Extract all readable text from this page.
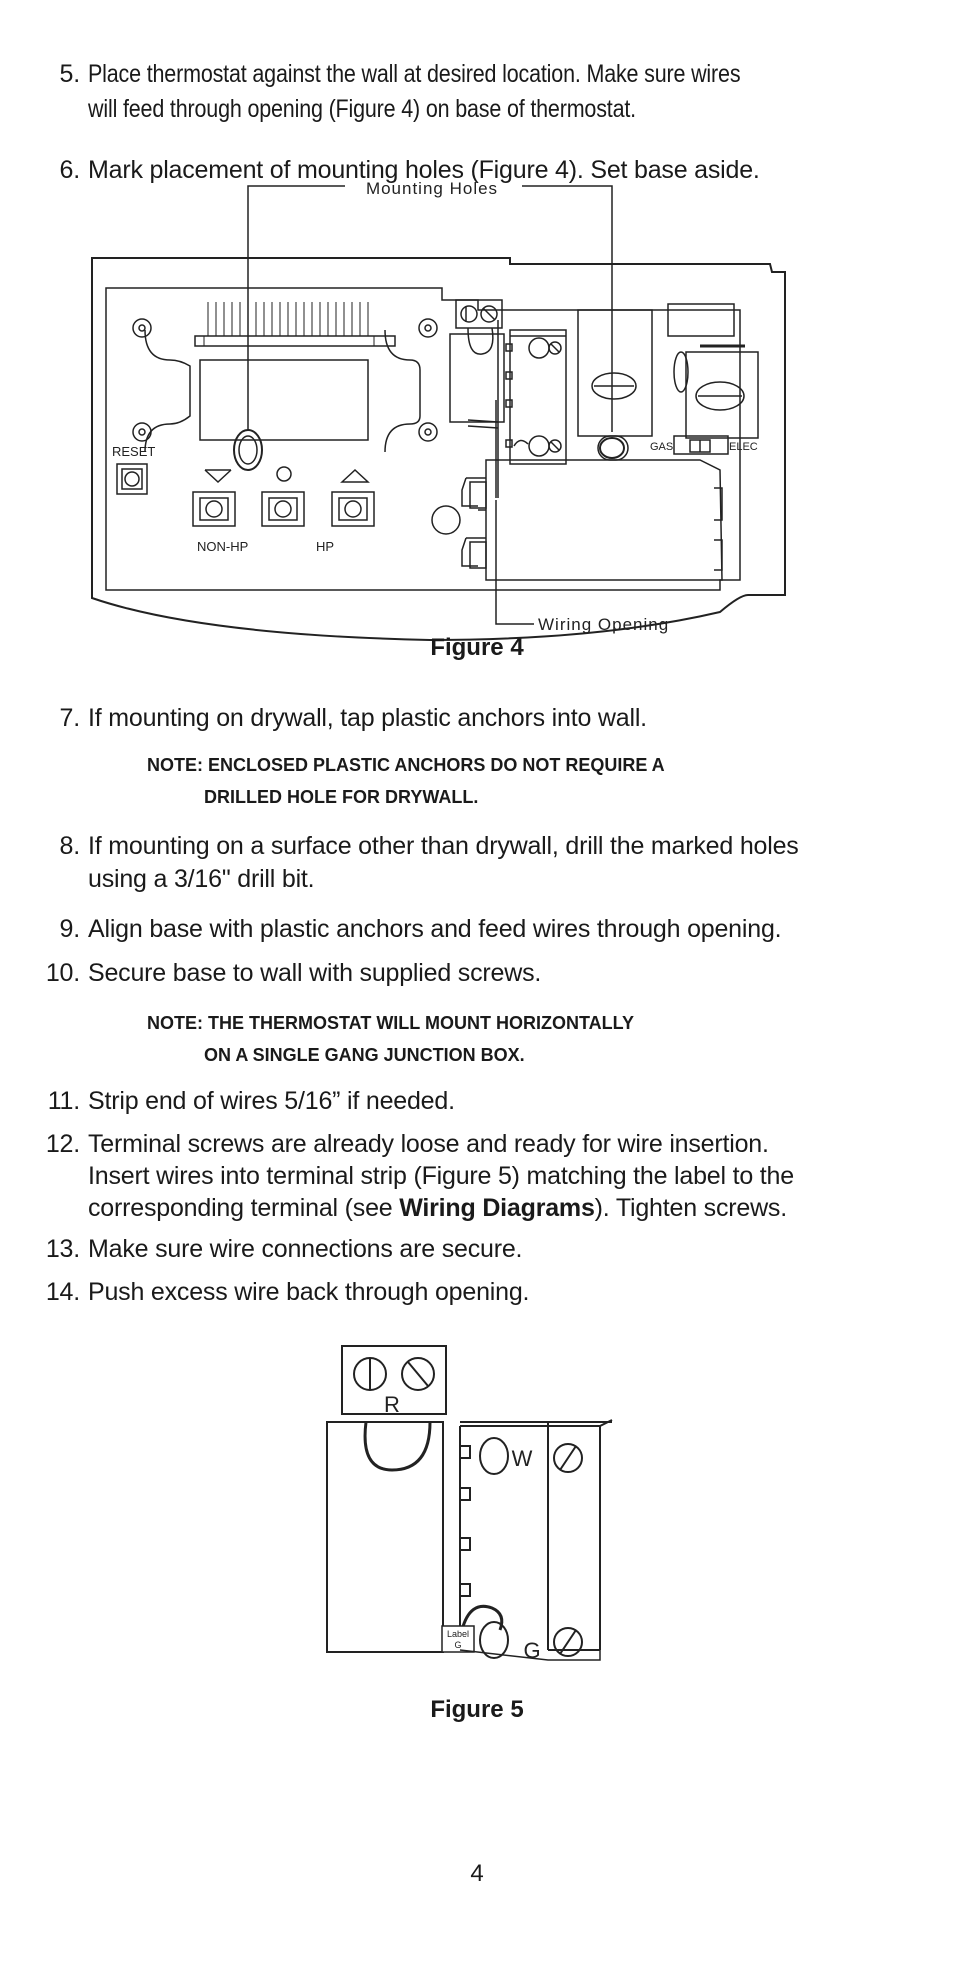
5. Place thermostat against the wall at desired location. Make sure wires
will feed through opening (Figure 4) on base of thermostat.
6. Mark placement of mounting holes (Figure 4). Set base aside.
Mounting Holes
RESET
NON-HP	HP
GAS	ELEC
Wiring Opening
Figure 4
7. If mounting on drywall, tap plastic anchors into wall.
NOTE: ENCLOSED PLASTIC ANCHORS DO NOT REQUIRE A
DRILLED HOLE FOR DRYWALL.
8. If mounting on a surface other than drywall, drill the marked holes
using a 3/16" drill bit.
9. Align base with plastic anchors and feed wires through opening.
10. Secure base to wall with supplied screws.
NOTE: THE THERMOSTAT WILL MOUNT HORIZONTALLY
ON A SINGLE GANG JUNCTION BOX.
11. Strip end of wires 5/16” if needed.
12. Terminal screws are already loose and ready for wire insertion.
Insert wires into terminal strip (Figure 5) matching the label to the
corresponding terminal (see Wiring Diagrams). Tighten screws.
13. Make sure wire connections are secure.
14. Push excess wire back through opening.
R
W
G
Label
G
Figure 5
4
